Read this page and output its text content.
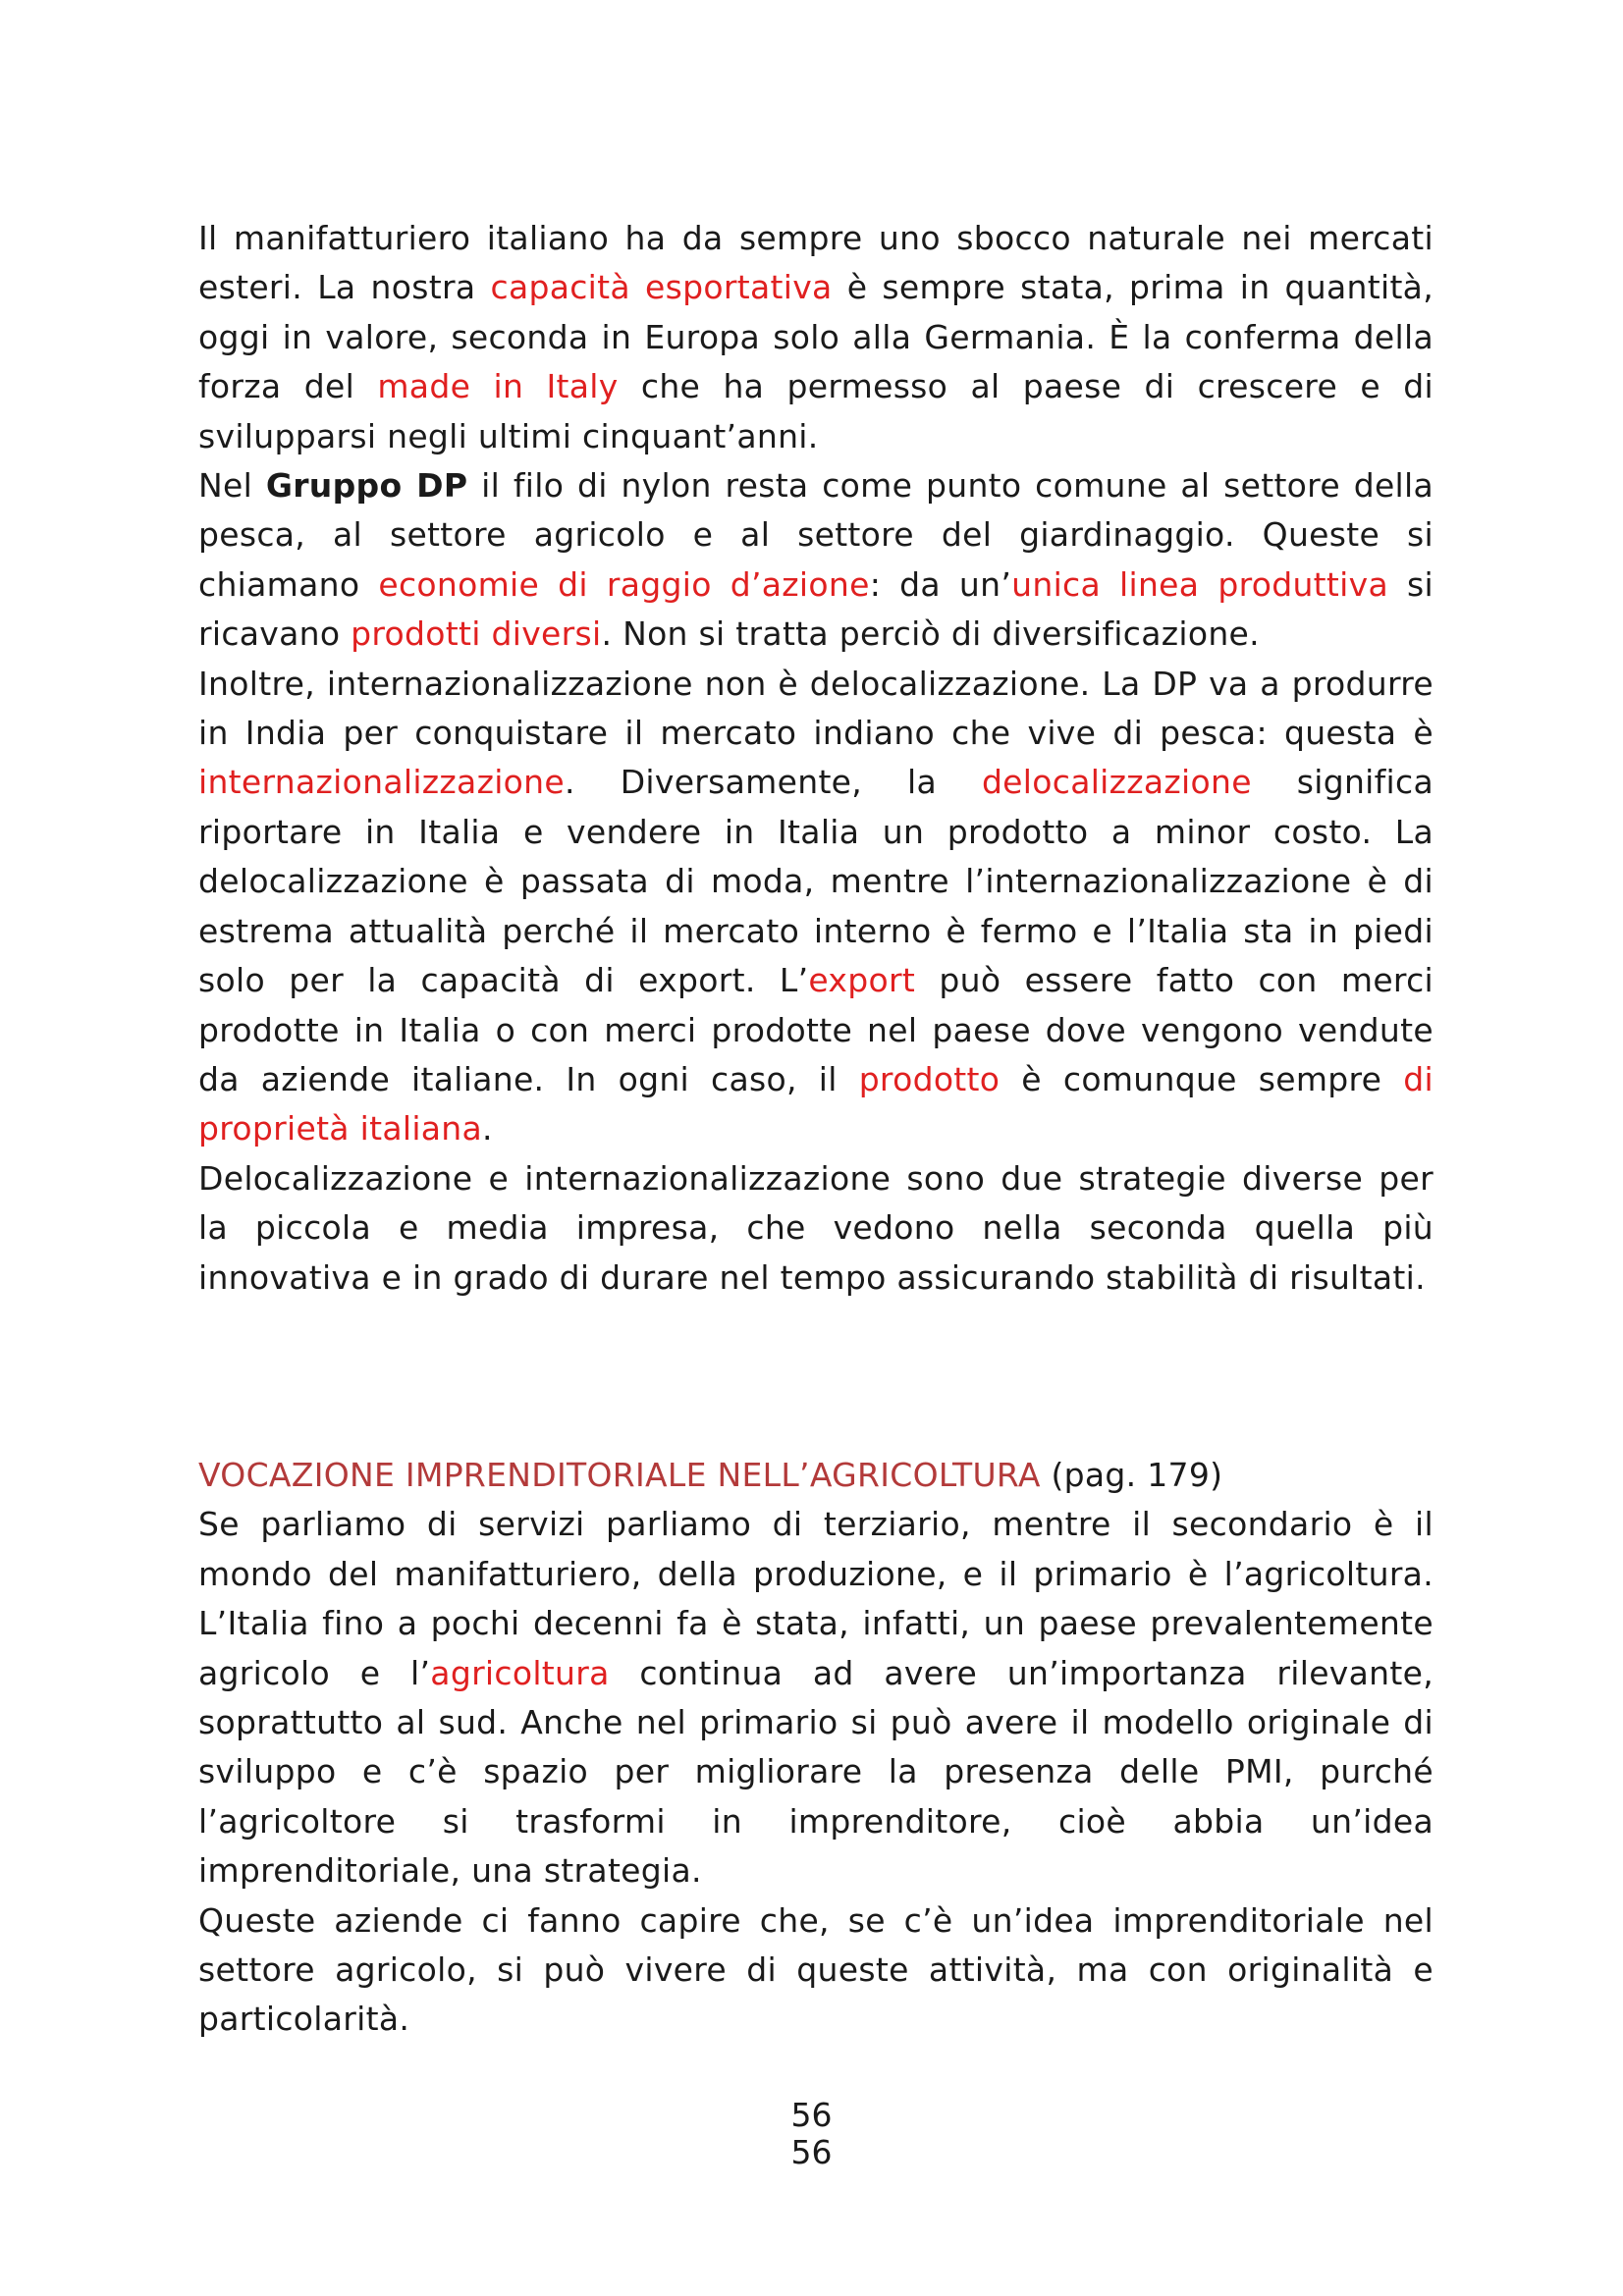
Il manifatturiero italiano ha da sempre uno sbocco naturale nei mercati esteri. La nostra capacità esportativa è sempre stata, prima in quantità, oggi in valore, seconda in Europa solo alla Germania. È la conferma della forza del made in Italy che ha permesso al paese di crescere e di svilupparsi negli ultimi cinquant’anni.

Nel Gruppo DP il filo di nylon resta come punto comune al settore della pesca, al settore agricolo e al settore del giardinaggio. Queste si chiamano economie di raggio d’azione: da un’unica linea produttiva si ricavano prodotti diversi. Non si tratta perciò di diversificazione.

Inoltre, internazionalizzazione non è delocalizzazione. La DP va a produrre in India per conquistare il mercato indiano che vive di pesca: questa è internazionalizzazione. Diversamente, la delocalizzazione significa riportare in Italia e vendere in Italia un prodotto a minor costo. La delocalizzazione è passata di moda, mentre l’internazionalizzazione è di estrema attualità perché il mercato interno è fermo e l’Italia sta in piedi solo per la capacità di export. L’export può essere fatto con merci prodotte in Italia o con merci prodotte nel paese dove vengono vendute da aziende italiane. In ogni caso, il prodotto è comunque sempre di proprietà italiana.

Delocalizzazione e internazionalizzazione sono due strategie diverse per la piccola e media impresa, che vedono nella seconda quella più innovativa e in grado di durare nel tempo assicurando stabilità di risultati.

VOCAZIONE IMPRENDITORIALE NELL’AGRICOLTURA (pag. 179)

Se parliamo di servizi parliamo di terziario, mentre il secondario è il mondo del manifatturiero, della produzione, e il primario è l’agricoltura. L’Italia fino a pochi decenni fa è stata, infatti, un paese prevalentemente agricolo e l’agricoltura continua ad avere un’importanza rilevante, soprattutto al sud. Anche nel primario si può avere il modello originale di sviluppo e c’è spazio per migliorare la presenza delle PMI, purché l’agricoltore si trasformi in imprenditore, cioè abbia un’idea imprenditoriale, una strategia.

Queste aziende ci fanno capire che, se c’è un’idea imprenditoriale nel settore agricolo, si può vivere di queste attività, ma con originalità e particolarità.

56
56
